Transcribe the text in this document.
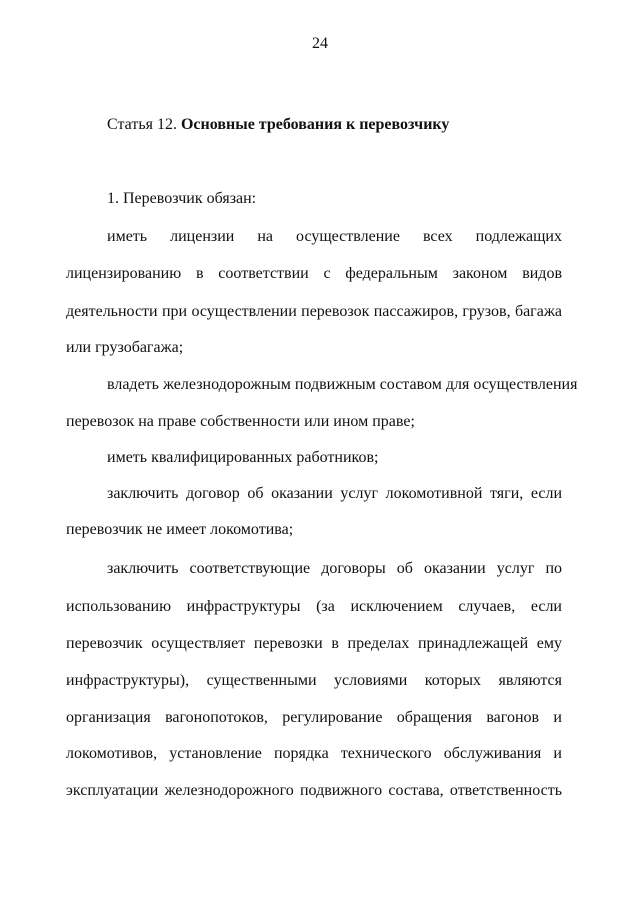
24
Статья 12. Основные требования к перевозчику
1. Перевозчик обязан:
иметь лицензии на осуществление всех подлежащих
лицензированию в соответствии с федеральным законом видов
деятельности при осуществлении перевозок пассажиров, грузов, багажа
или грузобагажа;
владеть железнодорожным подвижным составом для осуществления
перевозок на праве собственности или ином праве;
иметь квалифицированных работников;
заключить договор об оказании услуг локомотивной тяги, если
перевозчик не имеет локомотива;
заключить соответствующие договоры об оказании услуг по
использованию инфраструктуры (за исключением случаев, если
перевозчик осуществляет перевозки в пределах принадлежащей ему
инфраструктуры), существенными условиями которых являются
организация вагонопотоков, регулирование обращения вагонов и
локомотивов, установление порядка технического обслуживания и
эксплуатации железнодорожного подвижного состава, ответственность
